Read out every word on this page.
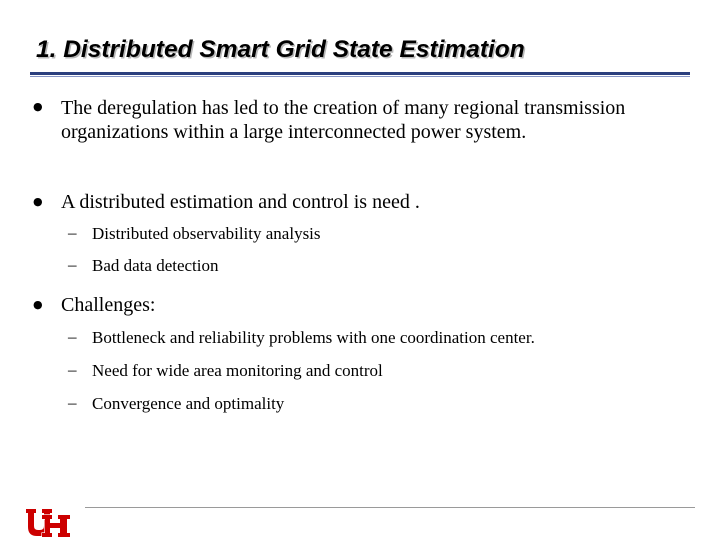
1. Distributed Smart Grid State Estimation
● The deregulation has led to the creation of many regional transmission organizations within a large interconnected power system.
● A distributed estimation and control is need .
– Distributed observability analysis
– Bad data detection
● Challenges:
– Bottleneck and reliability problems with one coordination center.
– Need for wide area monitoring and control
– Convergence and optimality
